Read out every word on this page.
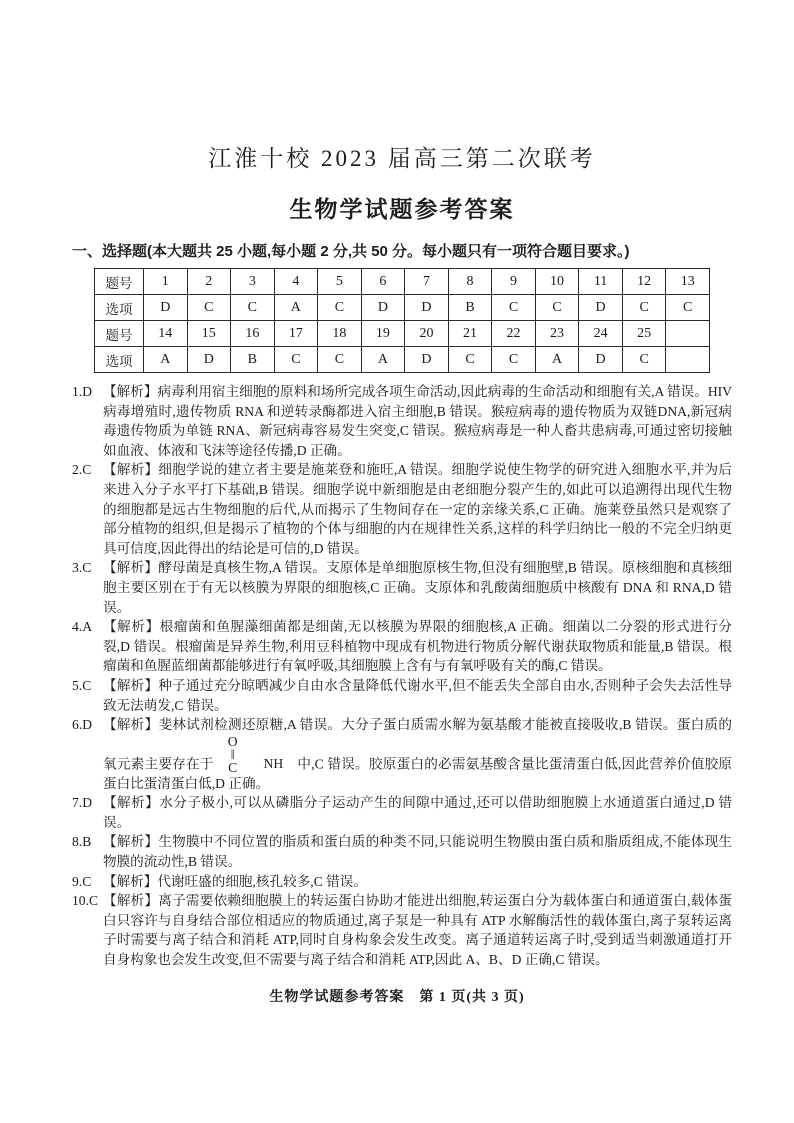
江淮十校 2023 届高三第二次联考
生物学试题参考答案
一、选择题(本大题共 25 小题,每小题 2 分,共 50 分。每小题只有一项符合题目要求。)
题号	1	2	3	4	5	6	7	8	9	10	11	12	13
选项	D	C	C	A	C	D	D	B	C	C	D	C	C
题号	14	15	16	17	18	19	20	21	22	23	24	25	
选项	A	D	B	C	C	A	D	C	C	A	D	C	
1.D 【解析】病毒利用宿主细胞的原料和场所完成各项生命活动,因此病毒的生命活动和细胞有关,A 错误。HIV 病毒增殖时,遗传物质 RNA 和逆转录酶都进入宿主细胞,B 错误。猴痘病毒的遗传物质为双链DNA,新冠病毒遗传物质为单链 RNA、新冠病毒容易发生突变,C 错误。猴痘病毒是一种人畜共患病毒,可通过密切接触如血液、体液和飞沫等途径传播,D 正确。
2.C 【解析】细胞学说的建立者主要是施莱登和施旺,A 错误。细胞学说使生物学的研究进入细胞水平,并为后来进入分子水平打下基础,B 错误。细胞学说中新细胞是由老细胞分裂产生的,如此可以追溯得出现代生物的细胞都是远古生物细胞的后代,从而揭示了生物间存在一定的亲缘关系,C 正确。施莱登虽然只是观察了部分植物的组织,但是揭示了植物的个体与细胞的内在规律性关系,这样的科学归纳比一般的不完全归纳更具可信度,因此得出的结论是可信的,D 错误。
3.C 【解析】酵母菌是真核生物,A 错误。支原体是单细胞原核生物,但没有细胞壁,B 错误。原核细胞和真核细胞主要区别在于有无以核膜为界限的细胞核,C 正确。支原体和乳酸菌细胞质中核酸有 DNA 和 RNA,D 错误。
4.A 【解析】根瘤菌和鱼腥藻细菌都是细菌,无以核膜为界限的细胞核,A 正确。细菌以二分裂的形式进行分裂,D 错误。根瘤菌是异养生物,利用豆科植物中现成有机物进行物质分解代谢获取物质和能量,B 错误。根瘤菌和鱼腥蓝细菌都能够进行有氧呼吸,其细胞膜上含有与有氧呼吸有关的酶,C 错误。
5.C 【解析】种子通过充分晾晒减少自由水含量降低代谢水平,但不能丢失全部自由水,否则种子会失去活性导致无法萌发,C 错误。
6.D 【解析】斐林试剂检测还原糖,A 错误。大分子蛋白质需水解为氨基酸才能被直接吸收,B 错误。蛋白质的氧元素主要存在于
O
‖
C NH 中,C 错误。胶原蛋白的必需氨基酸含量比蛋清蛋白低,因此营养价值胶原蛋白比蛋清蛋白低,D 正确。
7.D 【解析】水分子极小,可以从磷脂分子运动产生的间隙中通过,还可以借助细胞膜上水通道蛋白通过,D 错误。
8.B 【解析】生物膜中不同位置的脂质和蛋白质的种类不同,只能说明生物膜由蛋白质和脂质组成,不能体现生物膜的流动性,B 错误。
9.C 【解析】代谢旺盛的细胞,核孔较多,C 错误。
10.C 【解析】离子需要依赖细胞膜上的转运蛋白协助才能进出细胞,转运蛋白分为载体蛋白和通道蛋白,载体蛋白只容许与自身结合部位相适应的物质通过,离子泵是一种具有 ATP 水解酶活性的载体蛋白,离子泵转运离子时需要与离子结合和消耗 ATP,同时自身构象会发生改变。离子通道转运离子时,受到适当刺激通道打开自身构象也会发生改变,但不需要与离子结合和消耗 ATP,因此 A、B、D 正确,C 错误。
生物学试题参考答案　第 1 页(共 3 页)
